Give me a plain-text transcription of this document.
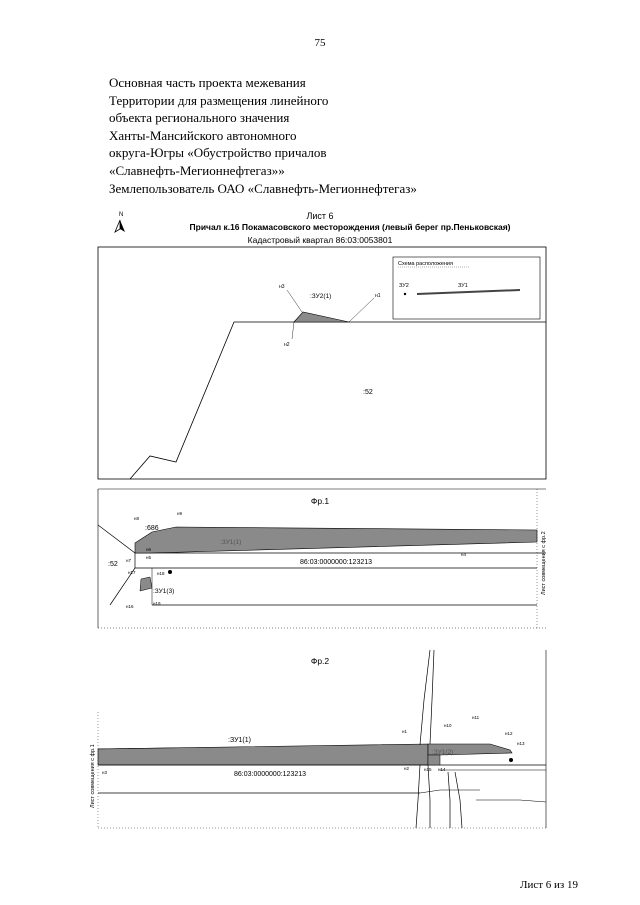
75
Основная часть проекта межевания
Территории для размещения линейного
объекта регионального значения
Ханты-Мансийского автономного
округа-Югры «Обустройство причалов
«Славнефть-Мегионнефтегаз»»
Землепользователь ОАО «Славнефть-Мегионнефтегаз»
N	Лист 6
Причал к.16 Покамасовского месторождения (левый берег пр.Пеньковская)
Кадастровый квартал 86:03:0053801
:ЗУ2(1)
н3
н1
н2
:52
Схема расположения
ЗУ2	ЗУ1
Фр.1
:686
:52
:ЗУ1(1)
:ЗУ1(3)
86:03:0000000:123213
н4
н5
н6
н7
н8
н9
н17	н18
н19
н16
Лист совмещения с фр.2
Фр.2
:ЗУ1(1)
:ЗУ1(2)
86:03:0000000:123213
н1
н2
н3
н10
н11
н12
н13
н14
н15
Лист совмещения с фр.1
Лист 6 из 19
